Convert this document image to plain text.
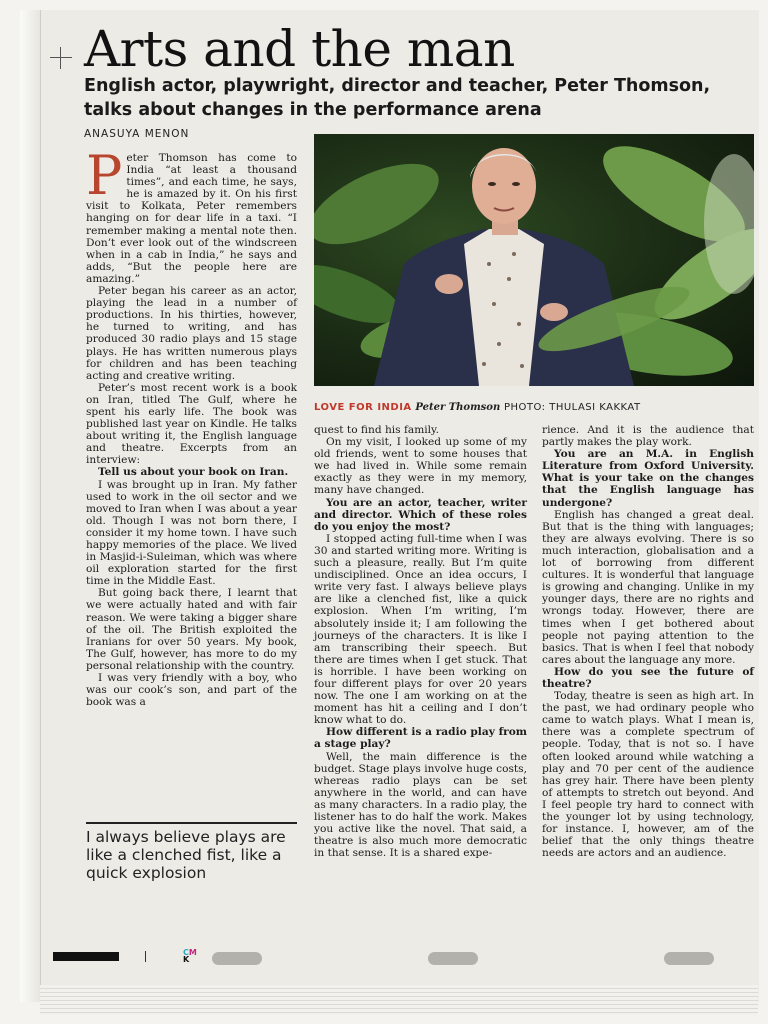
Arts and the man
English actor, playwright, director and teacher, Peter Thomson, talks about changes in the performance arena
ANASUYA MENON
LOVE FOR INDIA Peter Thomson PHOTO: THULASI KAKKAT

Peter Thomson has come to India “at least a thousand times”, and each time, he says, he is amazed by it. On his first visit to Kolkata, Peter remembers hanging on for dear life in a taxi. “I remember making a mental note then. Don’t ever look out of the windscreen when in a cab in India,” he says and adds, “But the people here are amazing.”

Peter began his career as an actor, playing the lead in a number of productions. In his thirties, however, he turned to writing, and has produced 30 radio plays and 15 stage plays. He has written numerous plays for children and has been teaching acting and creative writing.

Peter’s most recent work is a book on Iran, titled The Gulf, where he spent his early life. The book was published last year on Kindle. He talks about writing it, the English language and theatre. Excerpts from an interview:

Tell us about your book on Iran.

I was brought up in Iran. My father used to work in the oil sector and we moved to Iran when I was about a year old. Though I was not born there, I consider it my home town. I have such happy memories of the place. We lived in Masjid-i-Suleiman, which was where oil exploration started for the first time in the Middle East.

But going back there, I learnt that we were actually hated and with fair reason. We were taking a bigger share of the oil. The British exploited the Iranians for over 50 years. My book, The Gulf, however, has more to do my personal relationship with the country.

I was very friendly with a boy, who was our cook’s son, and part of the book was a

I always believe plays are like a clenched fist, like a quick explosion

quest to find his family.

On my visit, I looked up some of my old friends, went to some houses that we had lived in. While some remain exactly as they were in my memory, many have changed.

You are an actor, teacher, writer and director. Which of these roles do you enjoy the most?

I stopped acting full-time when I was 30 and started writing more. Writing is such a pleasure, really. But I’m quite undisciplined. Once an idea occurs, I write very fast. I always believe plays are like a clenched fist, like a quick explosion. When I’m writing, I’m absolutely inside it; I am following the journeys of the characters. It is like I am transcribing their speech. But there are times when I get stuck. That is horrible. I have been working on four different plays for over 20 years now. The one I am working on at the moment has hit a ceiling and I don’t know what to do.

How different is a radio play from a stage play?

Well, the main difference is the budget. Stage plays involve huge costs, whereas radio plays can be set anywhere in the world, and can have as many characters. In a radio play, the listener has to do half the work. Makes you active like the novel. That said, a theatre is also much more democratic in that sense. It is a shared expe-

rience. And it is the audience that partly makes the play work.

You are an M.A. in English Literature from Oxford University. What is your take on the changes that the English language has undergone?

English has changed a great deal. But that is the thing with languages; they are always evolving. There is so much interaction, globalisation and a lot of borrowing from different cultures. It is wonderful that language is growing and changing. Unlike in my younger days, there are no rights and wrongs today. However, there are times when I get bothered about people not paying attention to the basics. That is when I feel that nobody cares about the language any more.

How do you see the future of theatre?

Today, theatre is seen as high art. In the past, we had ordinary people who came to watch plays. What I mean is, there was a complete spectrum of people. Today, that is not so. I have often looked around while watching a play and 70 per cent of the audience has grey hair. There have been plenty of attempts to stretch out beyond. And I feel people try hard to connect with the younger lot by using technology, for instance. I, however, am of the belief that the only things theatre needs are actors and an audience.

CM
K
